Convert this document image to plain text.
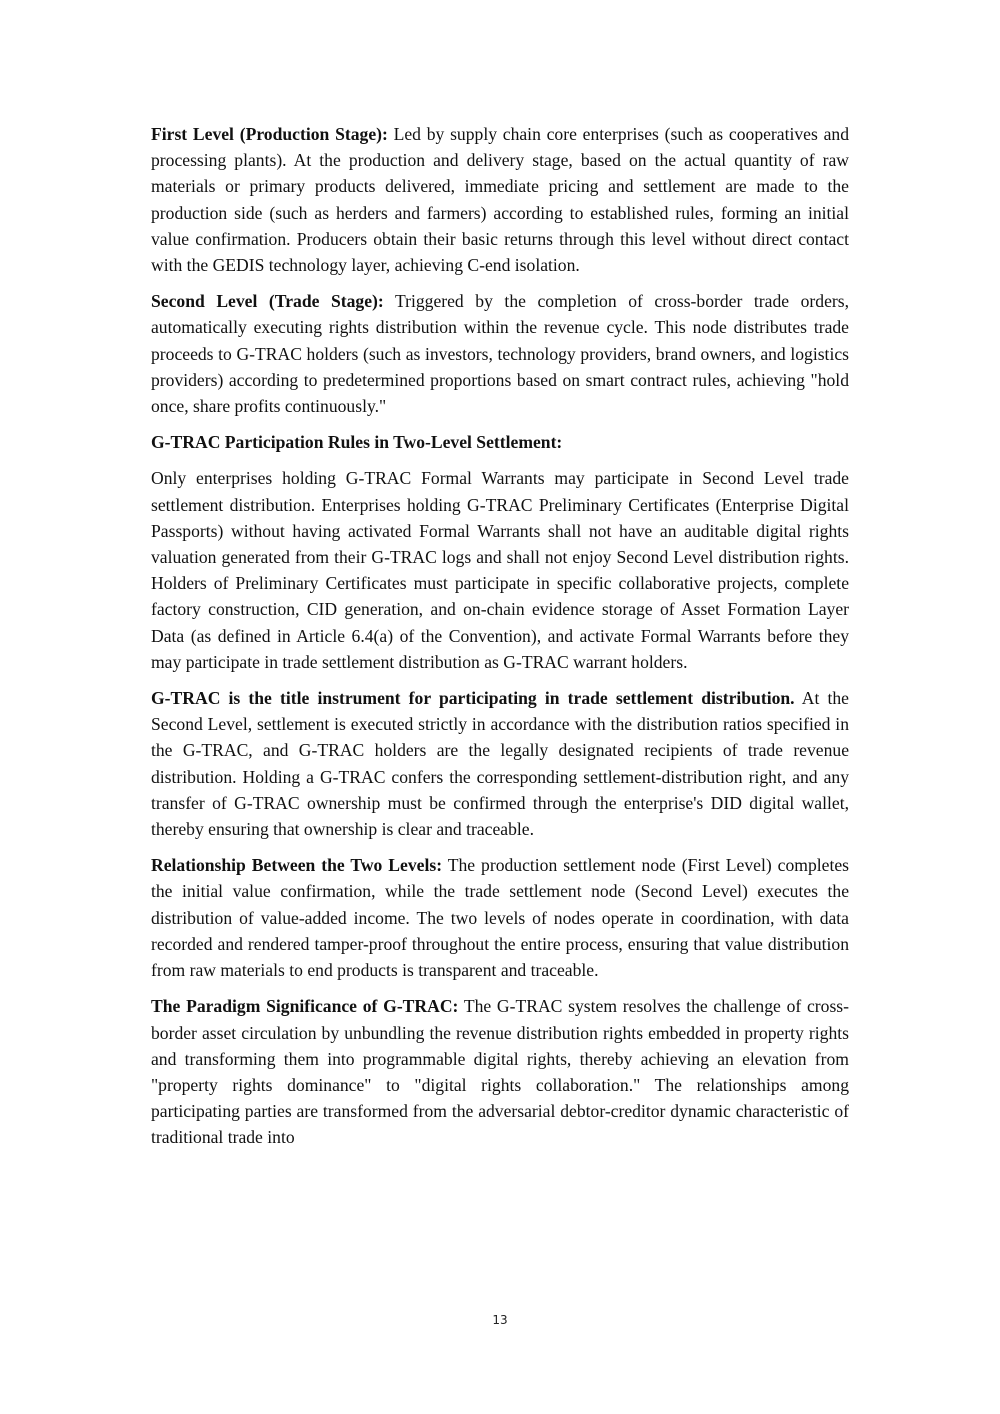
First Level (Production Stage): Led by supply chain core enterprises (such as cooperatives and processing plants). At the production and delivery stage, based on the actual quantity of raw materials or primary products delivered, immediate pricing and settlement are made to the production side (such as herders and farmers) according to established rules, forming an initial value confirmation. Producers obtain their basic returns through this level without direct contact with the GEDIS technology layer, achieving C-end isolation.

Second Level (Trade Stage): Triggered by the completion of cross-border trade orders, automatically executing rights distribution within the revenue cycle. This node distributes trade proceeds to G-TRAC holders (such as investors, technology providers, brand owners, and logistics providers) according to predetermined proportions based on smart contract rules, achieving "hold once, share profits continuously."

G-TRAC Participation Rules in Two-Level Settlement:

Only enterprises holding G-TRAC Formal Warrants may participate in Second Level trade settlement distribution. Enterprises holding G-TRAC Preliminary Certificates (Enterprise Digital Passports) without having activated Formal Warrants shall not have an auditable digital rights valuation generated from their G-TRAC logs and shall not enjoy Second Level distribution rights. Holders of Preliminary Certificates must participate in specific collaborative projects, complete factory construction, CID generation, and on-chain evidence storage of Asset Formation Layer Data (as defined in Article 6.4(a) of the Convention), and activate Formal Warrants before they may participate in trade settlement distribution as G-TRAC warrant holders.

G-TRAC is the title instrument for participating in trade settlement distribution. At the Second Level, settlement is executed strictly in accordance with the distribution ratios specified in the G-TRAC, and G-TRAC holders are the legally designated recipients of trade revenue distribution. Holding a G-TRAC confers the corresponding settlement-distribution right, and any transfer of G-TRAC ownership must be confirmed through the enterprise's DID digital wallet, thereby ensuring that ownership is clear and traceable.

Relationship Between the Two Levels: The production settlement node (First Level) completes the initial value confirmation, while the trade settlement node (Second Level) executes the distribution of value-added income. The two levels of nodes operate in coordination, with data recorded and rendered tamper-proof throughout the entire process, ensuring that value distribution from raw materials to end products is transparent and traceable.

The Paradigm Significance of G-TRAC: The G-TRAC system resolves the challenge of cross-border asset circulation by unbundling the revenue distribution rights embedded in property rights and transforming them into programmable digital rights, thereby achieving an elevation from "property rights dominance" to "digital rights collaboration." The relationships among participating parties are transformed from the adversarial debtor-creditor dynamic characteristic of traditional trade into

13
